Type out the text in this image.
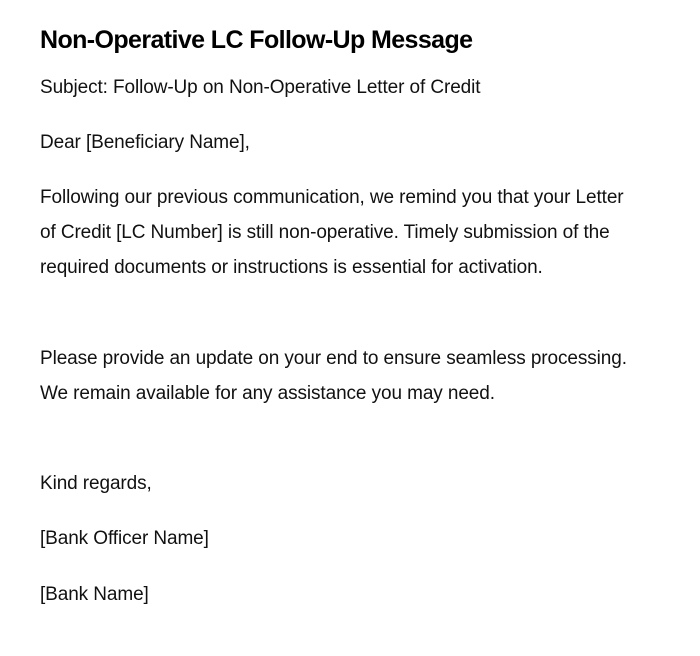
Non-Operative LC Follow-Up Message

Subject: Follow-Up on Non-Operative Letter of Credit

Dear [Beneficiary Name],

Following our previous communication, we remind you that your Letter of Credit [LC Number] is still non-operative. Timely submission of the required documents or instructions is essential for activation.

Please provide an update on your end to ensure seamless processing. We remain available for any assistance you may need.

Kind regards,

[Bank Officer Name]

[Bank Name]
